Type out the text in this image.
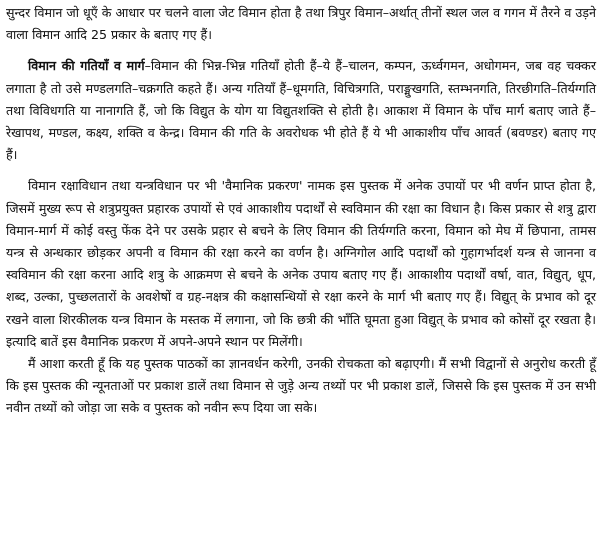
सुन्दर विमान जो धूएँ के आधार पर चलने वाला जेट विमान होता है तथा त्रिपुर विमान–अर्थात् तीनों स्थल जल व गगन में तैरने व उड़ने वाला विमान आदि 25 प्रकार के बताए गए हैं।

विमान की गतियाँ व मार्ग–विमान की भिन्न-भिन्न गतियाँ होती हैं–ये हैं–चालन, कम्पन, ऊर्ध्वगमन, अधोगमन, जब वह चक्कर लगाता है तो उसे मण्डलगति–चक्रगति कहते हैं। अन्य गतियाँ हैं–धूमगति, विचित्रगति, पराङ्मुखगति, स्तम्भनगति, तिरछीगति–तिर्यग्गति तथा विविधगति या नानागति हैं, जो कि विद्युत के योग या विद्युतशक्ति से होती है। आकाश में विमान के पाँच मार्ग बताए जाते हैं– रेखापथ, मण्डल, कक्ष्य, शक्ति व केन्द्र। विमान की गति के अवरोधक भी होते हैं ये भी आकाशीय पाँच आवर्त (बवण्डर) बताए गए हैं।

विमान रक्षाविधान तथा यन्त्रविधान पर भी 'वैमानिक प्रकरण' नामक इस पुस्तक में अनेक उपायों पर भी वर्णन प्राप्त होता है, जिसमें मुख्य रूप से शत्रुप्रयुक्त प्रहारक उपायों से एवं आकाशीय पदार्थों से स्वविमान की रक्षा का विधान है। किस प्रकार से शत्रु द्वारा विमान-मार्ग में कोई वस्तु फेंक देने पर उसके प्रहार से बचने के लिए विमान की तिर्यग्गति करना, विमान को मेघ में छिपाना, तामस यन्त्र से अन्धकार छोड़कर अपनी व विमान की रक्षा करने का वर्णन है। अग्निगोल आदि पदार्थों को गुहागर्भादर्श यन्त्र से जानना व स्वविमान की रक्षा करना आदि शत्रु के आक्रमण से बचने के अनेक उपाय बताए गए हैं। आकाशीय पदार्थों वर्षा, वात, विद्युत्, धूप, शब्द, उल्का, पुच्छलतारों के अवशेषों व ग्रह-नक्षत्र की कक्षासन्धियों से रक्षा करने के मार्ग भी बताए गए हैं। विद्युत् के प्रभाव को दूर रखने वाला शिरकीलक यन्त्र विमान के मस्तक में लगाना, जो कि छत्री की भाँति घूमता हुआ विद्युत् के प्रभाव को कोसों दूर रखता है। इत्यादि बातें इस वैमानिक प्रकरण में अपने-अपने स्थान पर मिलेंगी।

मैं आशा करती हूँ कि यह पुस्तक पाठकों का ज्ञानवर्धन करेगी, उनकी रोचकता को बढ़ाएगी। मैं सभी विद्वानों से अनुरोध करती हूँ कि इस पुस्तक की न्यूनताओं पर प्रकाश डालें तथा विमान से जुड़े अन्य तथ्यों पर भी प्रकाश डालें, जिससे कि इस पुस्तक में उन सभी नवीन तथ्यों को जोड़ा जा सके व पुस्तक को नवीन रूप दिया जा सके।
